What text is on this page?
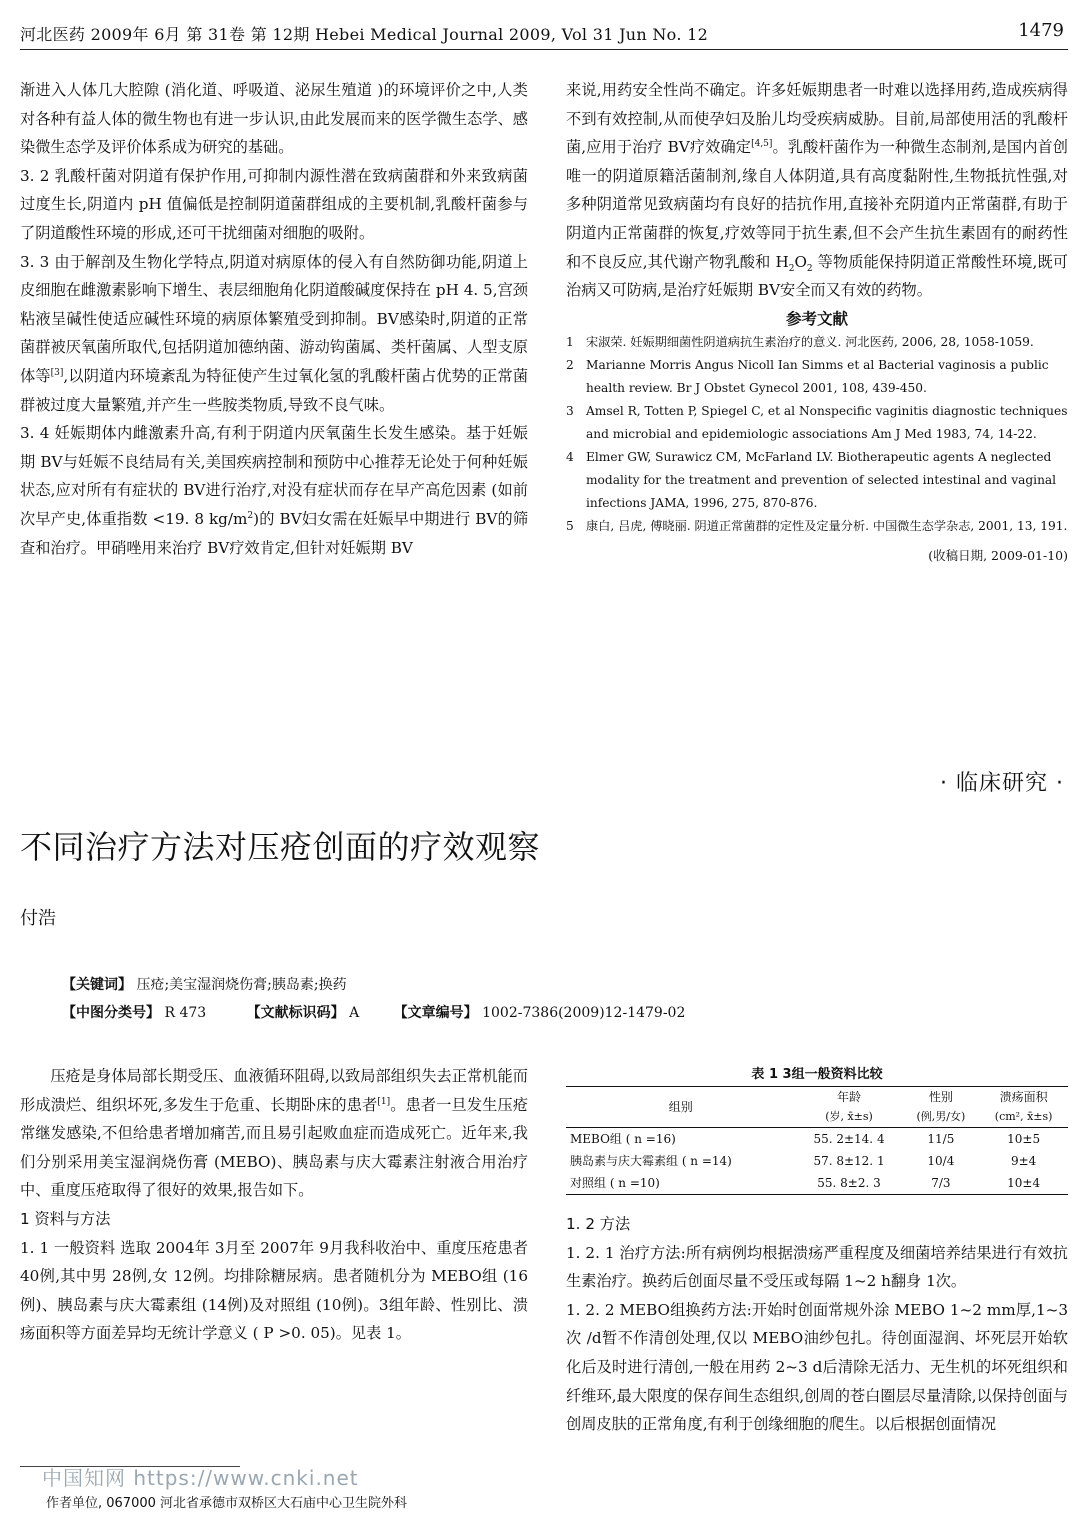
河北医药 2009年 6月 第 31卷 第 12期 Hebei Medical Journal 2009, Vol 31 Jun No. 12	1479

渐进入人体几大腔隙 (消化道、呼吸道、泌尿生殖道 )的环境评价之中,人类对各种有益人体的微生物也有进一步认识,由此发展而来的医学微生态学、感染微生态学及评价体系成为研究的基础。

3. 2 乳酸杆菌对阴道有保护作用,可抑制内源性潜在致病菌群和外来致病菌过度生长,阴道内 pH 值偏低是控制阴道菌群组成的主要机制,乳酸杆菌参与了阴道酸性环境的形成,还可干扰细菌对细胞的吸附。

3. 3 由于解剖及生物化学特点,阴道对病原体的侵入有自然防御功能,阴道上皮细胞在雌激素影响下增生、表层细胞角化阴道酸碱度保持在 pH 4. 5,宫颈粘液呈碱性使适应碱性环境的病原体繁殖受到抑制。BV感染时,阴道的正常菌群被厌氧菌所取代,包括阴道加德纳菌、游动钩菌属、类杆菌属、人型支原体等[3],以阴道内环境紊乱为特征使产生过氧化氢的乳酸杆菌占优势的正常菌群被过度大量繁殖,并产生一些胺类物质,导致不良气味。

3. 4 妊娠期体内雌激素升高,有利于阴道内厌氧菌生长发生感染。基于妊娠期 BV与妊娠不良结局有关,美国疾病控制和预防中心推荐无论处于何种妊娠状态,应对所有有症状的 BV进行治疗,对没有症状而存在早产高危因素 (如前次早产史,体重指数 <19. 8 $kg/m^2$)的 BV妇女需在妊娠早中期进行 BV的筛查和治疗。甲硝唑用来治疗 BV疗效肯定,但针对妊娠期 BV

来说,用药安全性尚不确定。许多妊娠期患者一时难以选择用药,造成疾病得不到有效控制,从而使孕妇及胎儿均受疾病威胁。目前,局部使用活的乳酸杆菌,应用于治疗 BV疗效确定[4,5]。乳酸杆菌作为一种微生态制剂,是国内首创唯一的阴道原籍活菌制剂,缘自人体阴道,具有高度黏附性,生物抵抗性强,对多种阴道常见致病菌均有良好的拮抗作用,直接补充阴道内正常菌群,有助于阴道内正常菌群的恢复,疗效等同于抗生素,但不会产生抗生素固有的耐药性和不良反应,其代谢产物乳酸和 $H_2O_2$ 等物质能保持阴道正常酸性环境,既可治病又可防病,是治疗妊娠期 BV安全而又有效的药物。

参考文献
1 宋淑荣. 妊娠期细菌性阴道病抗生素治疗的意义. 河北医药, 2006, 28, 1058-1059.
2 Marianne Morris Angus Nicoll Ian Simms et al Bacterial vaginosis a public health review. Br J Obstet Gynecol 2001, 108, 439-450.
3 Amsel R, Totten P, Spiegel C, et al Nonspecific vaginitis diagnostic techniques and microbial and epidemiologic associations Am J Med 1983, 74, 14-22.
4 Elmer GW, Surawicz CM, McFarland LV. Biotherapeutic agents A neglected modality for the treatment and prevention of selected intestinal and vaginal infections JAMA, 1996, 275, 870-876.
5 康白, 吕虎, 傅晓丽. 阴道正常菌群的定性及定量分析. 中国微生态学杂志, 2001, 13, 191.
(收稿日期, 2009-01-10)
· 临床研究 ·
不同治疗方法对压疮创面的疗效观察
付浩
【关键词】 压疮;美宝湿润烧伤膏;胰岛素;换药
【中图分类号】 R 473	【文献标识码】 A 【文章编号】 1002-7386(2009)12-1479-02

压疮是身体局部长期受压、血液循环阻碍,以致局部组织失去正常机能而形成溃烂、组织坏死,多发生于危重、长期卧床的患者[1]。患者一旦发生压疮常继发感染,不但给患者增加痛苦,而且易引起败血症而造成死亡。近年来,我们分别采用美宝湿润烧伤膏 (MEBO)、胰岛素与庆大霉素注射液合用治疗中、重度压疮取得了很好的效果,报告如下。

1 资料与方法

1. 1 一般资料 选取 2004年 3月至 2007年 9月我科收治中、重度压疮患者 40例,其中男 28例,女 12例。均排除糖尿病。患者随机分为 MEBO组 (16例)、胰岛素与庆大霉素组 (14例)及对照组 (10例)。3组年龄、性别比、溃疡面积等方面差异均无统计学意义 ( P >0. 05)。见表 1。

表 1 3组一般资料比较
组别	年龄	性别	溃疡面积
	(岁, x̄±s)	(例,男/女)	(cm², x̄±s)
MEBO组 ( n =16)	55. 2±14. 4	11/5	10±5
胰岛素与庆大霉素组 ( n =14)	57. 8±12. 1	10/4	9±4
对照组 ( n =10)	55. 8±2. 3	7/3	10±4

1. 2 方法

1. 2. 1 治疗方法:所有病例均根据溃疡严重程度及细菌培养结果进行有效抗生素治疗。换药后创面尽量不受压或每隔 1~2 h翻身 1次。

1. 2. 2 MEBO组换药方法:开始时创面常规外涂 MEBO 1~2 mm厚,1~3次 /d暂不作清创处理,仅以 MEBO油纱包扎。待创面湿润、坏死层开始软化后及时进行清创,一般在用药 2~3 d后清除无活力、无生机的坏死组织和纤维环,最大限度的保存间生态组织,创周的苍白圈层尽量清除,以保持创面与创周皮肤的正常角度,有利于创缘细胞的爬生。以后根据创面情况

中国知网 https://www.cnki.net
作者单位, 067000 河北省承德市双桥区大石庙中心卫生院外科
